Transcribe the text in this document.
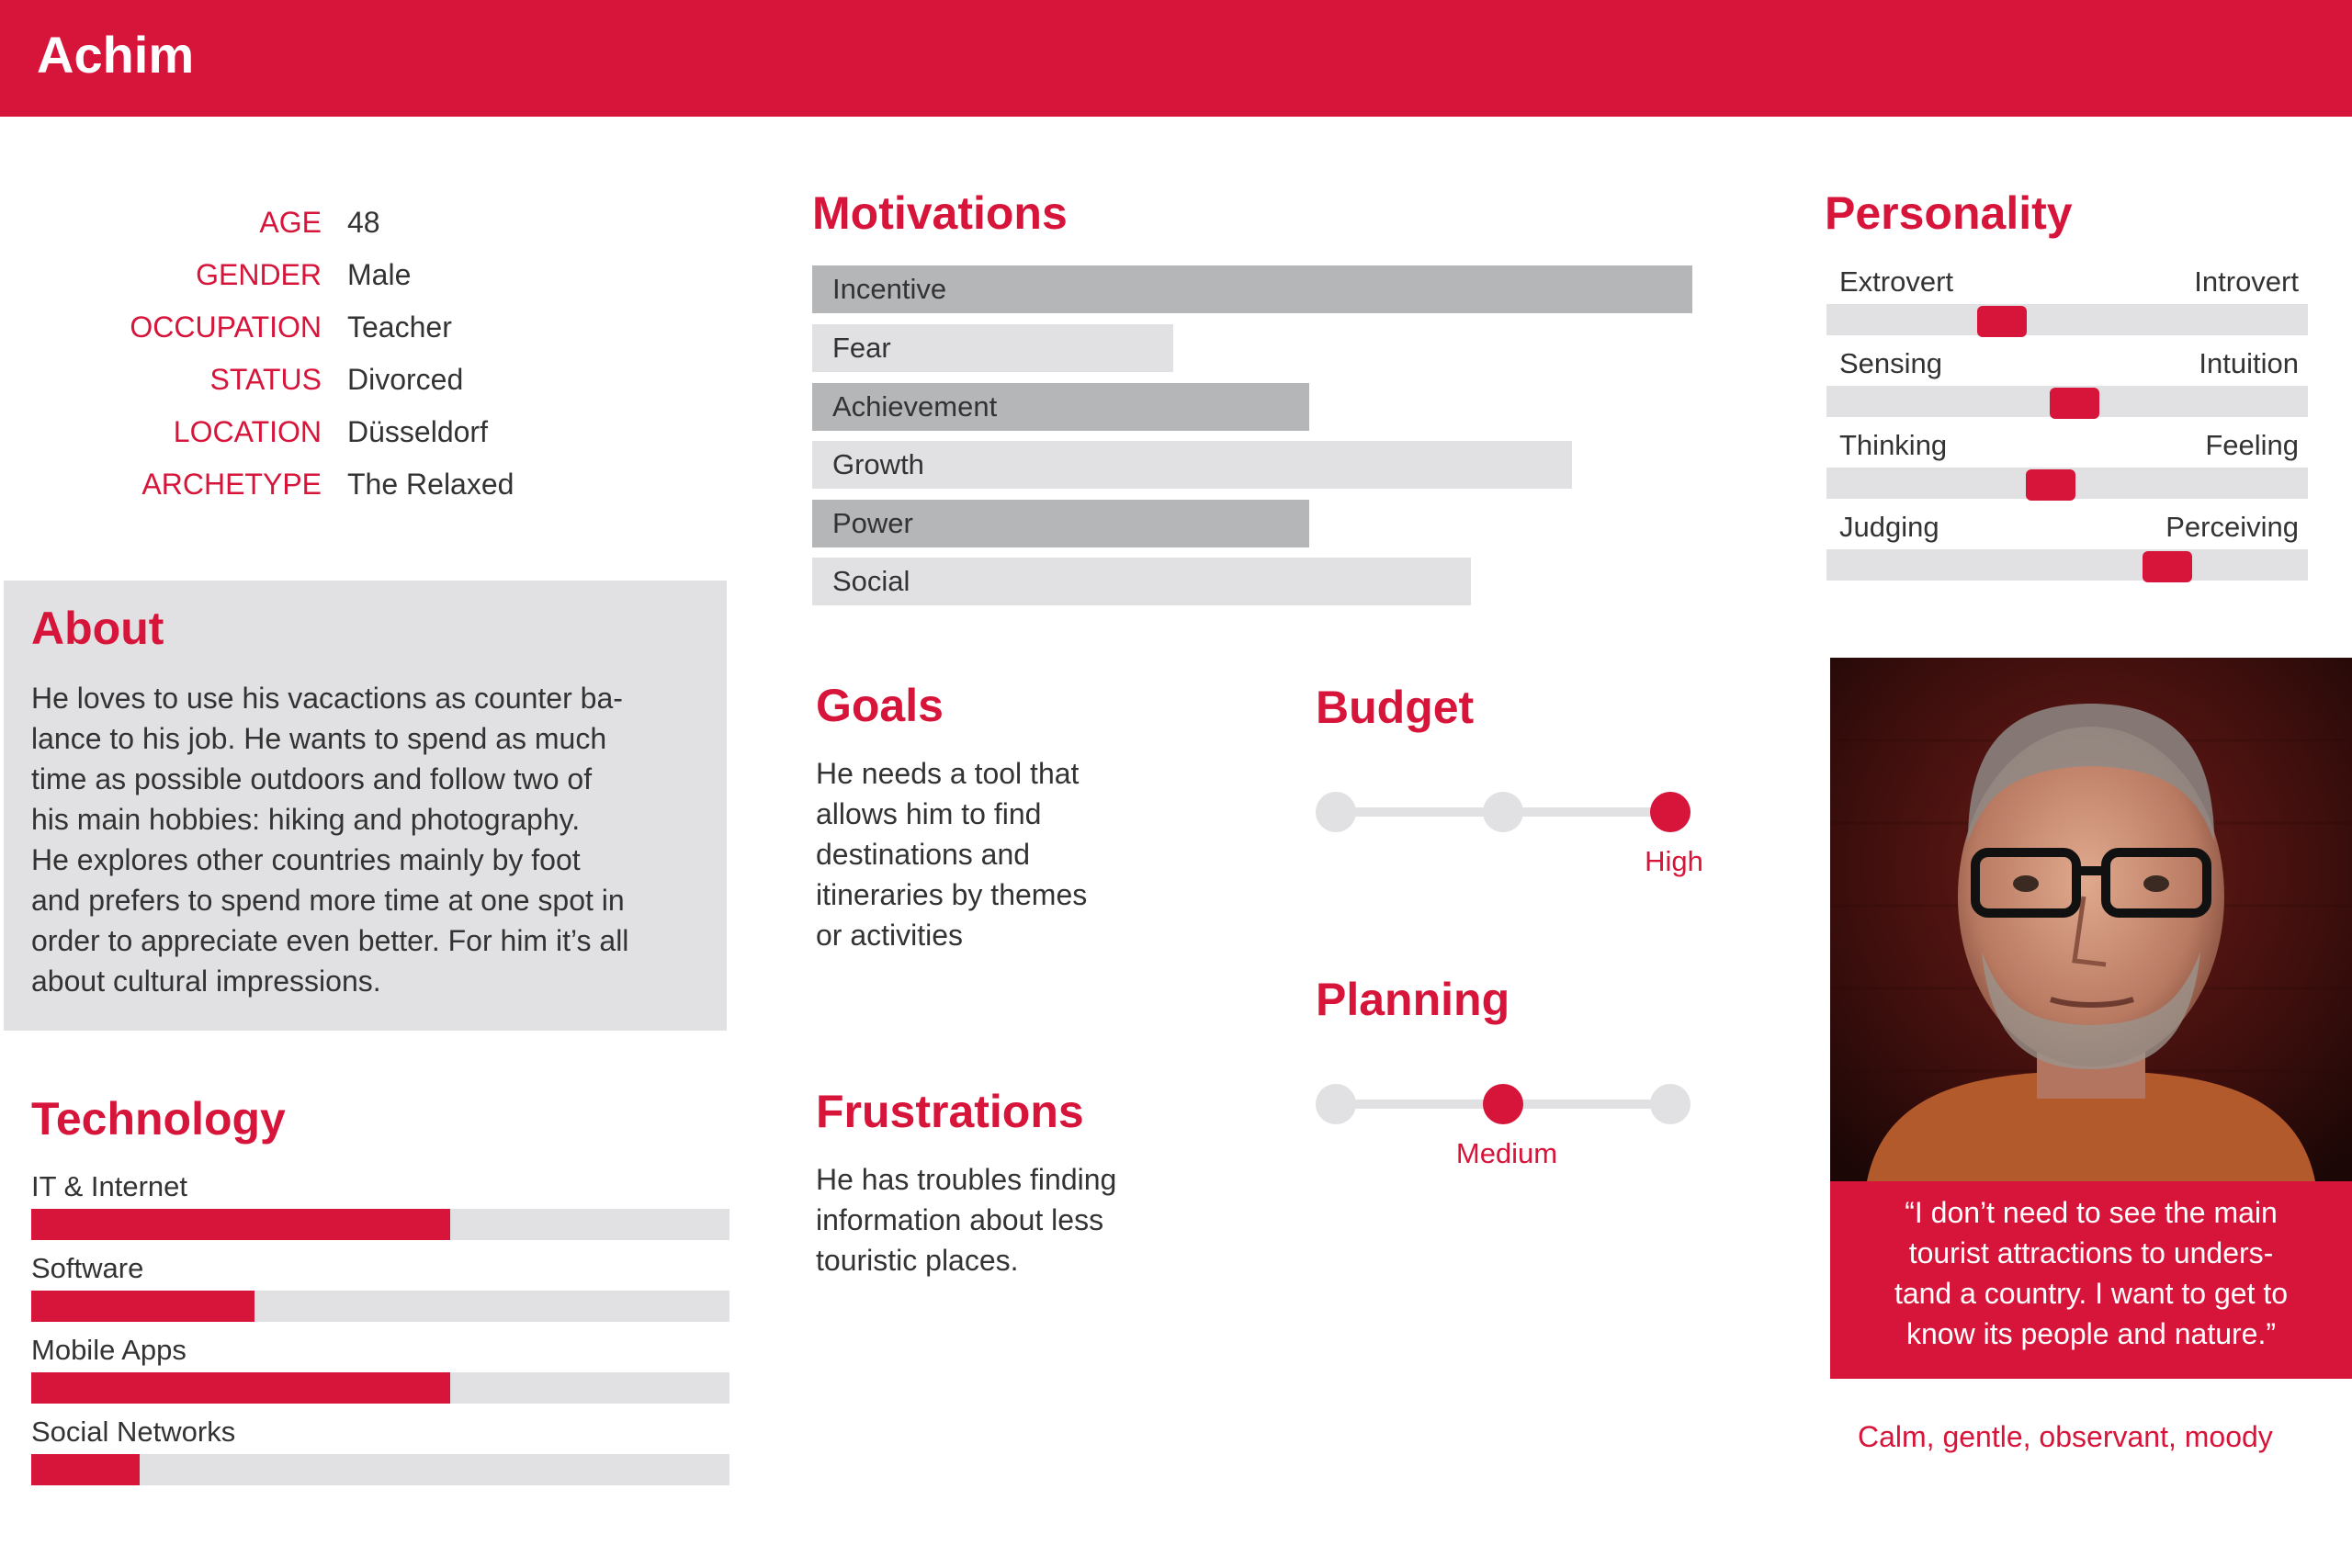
Achim
AGE 48
GENDER Male
OCCUPATION Teacher
STATUS Divorced
LOCATION Düsseldorf
ARCHETYPE The Relaxed
About
He loves to use his vacactions as counter ba-
lance to his job. He wants to spend as much
time as possible outdoors and follow two of
his main hobbies: hiking and photography.
He explores other countries mainly by foot
and prefers to spend more time at one spot in
order to appreciate even better. For him it’s all
about cultural impressions.
Technology
IT & Internet
Software
Mobile Apps
Social Networks
Motivations
Incentive
Fear
Achievement
Growth
Power
Social
Goals
He needs a tool that
allows him to find
destinations and
itineraries by themes
or activities
Frustrations
He has troubles finding
information about less
touristic places.
Budget
High
Planning
Medium
Personality
Extrovert	Introvert
Sensing	Intuition
Thinking	Feeling
Judging	Perceiving
“I don’t need to see the main
tourist attractions to unders-
tand a country. I want to get to
know its people and nature.”
Calm, gentle, observant, moody
